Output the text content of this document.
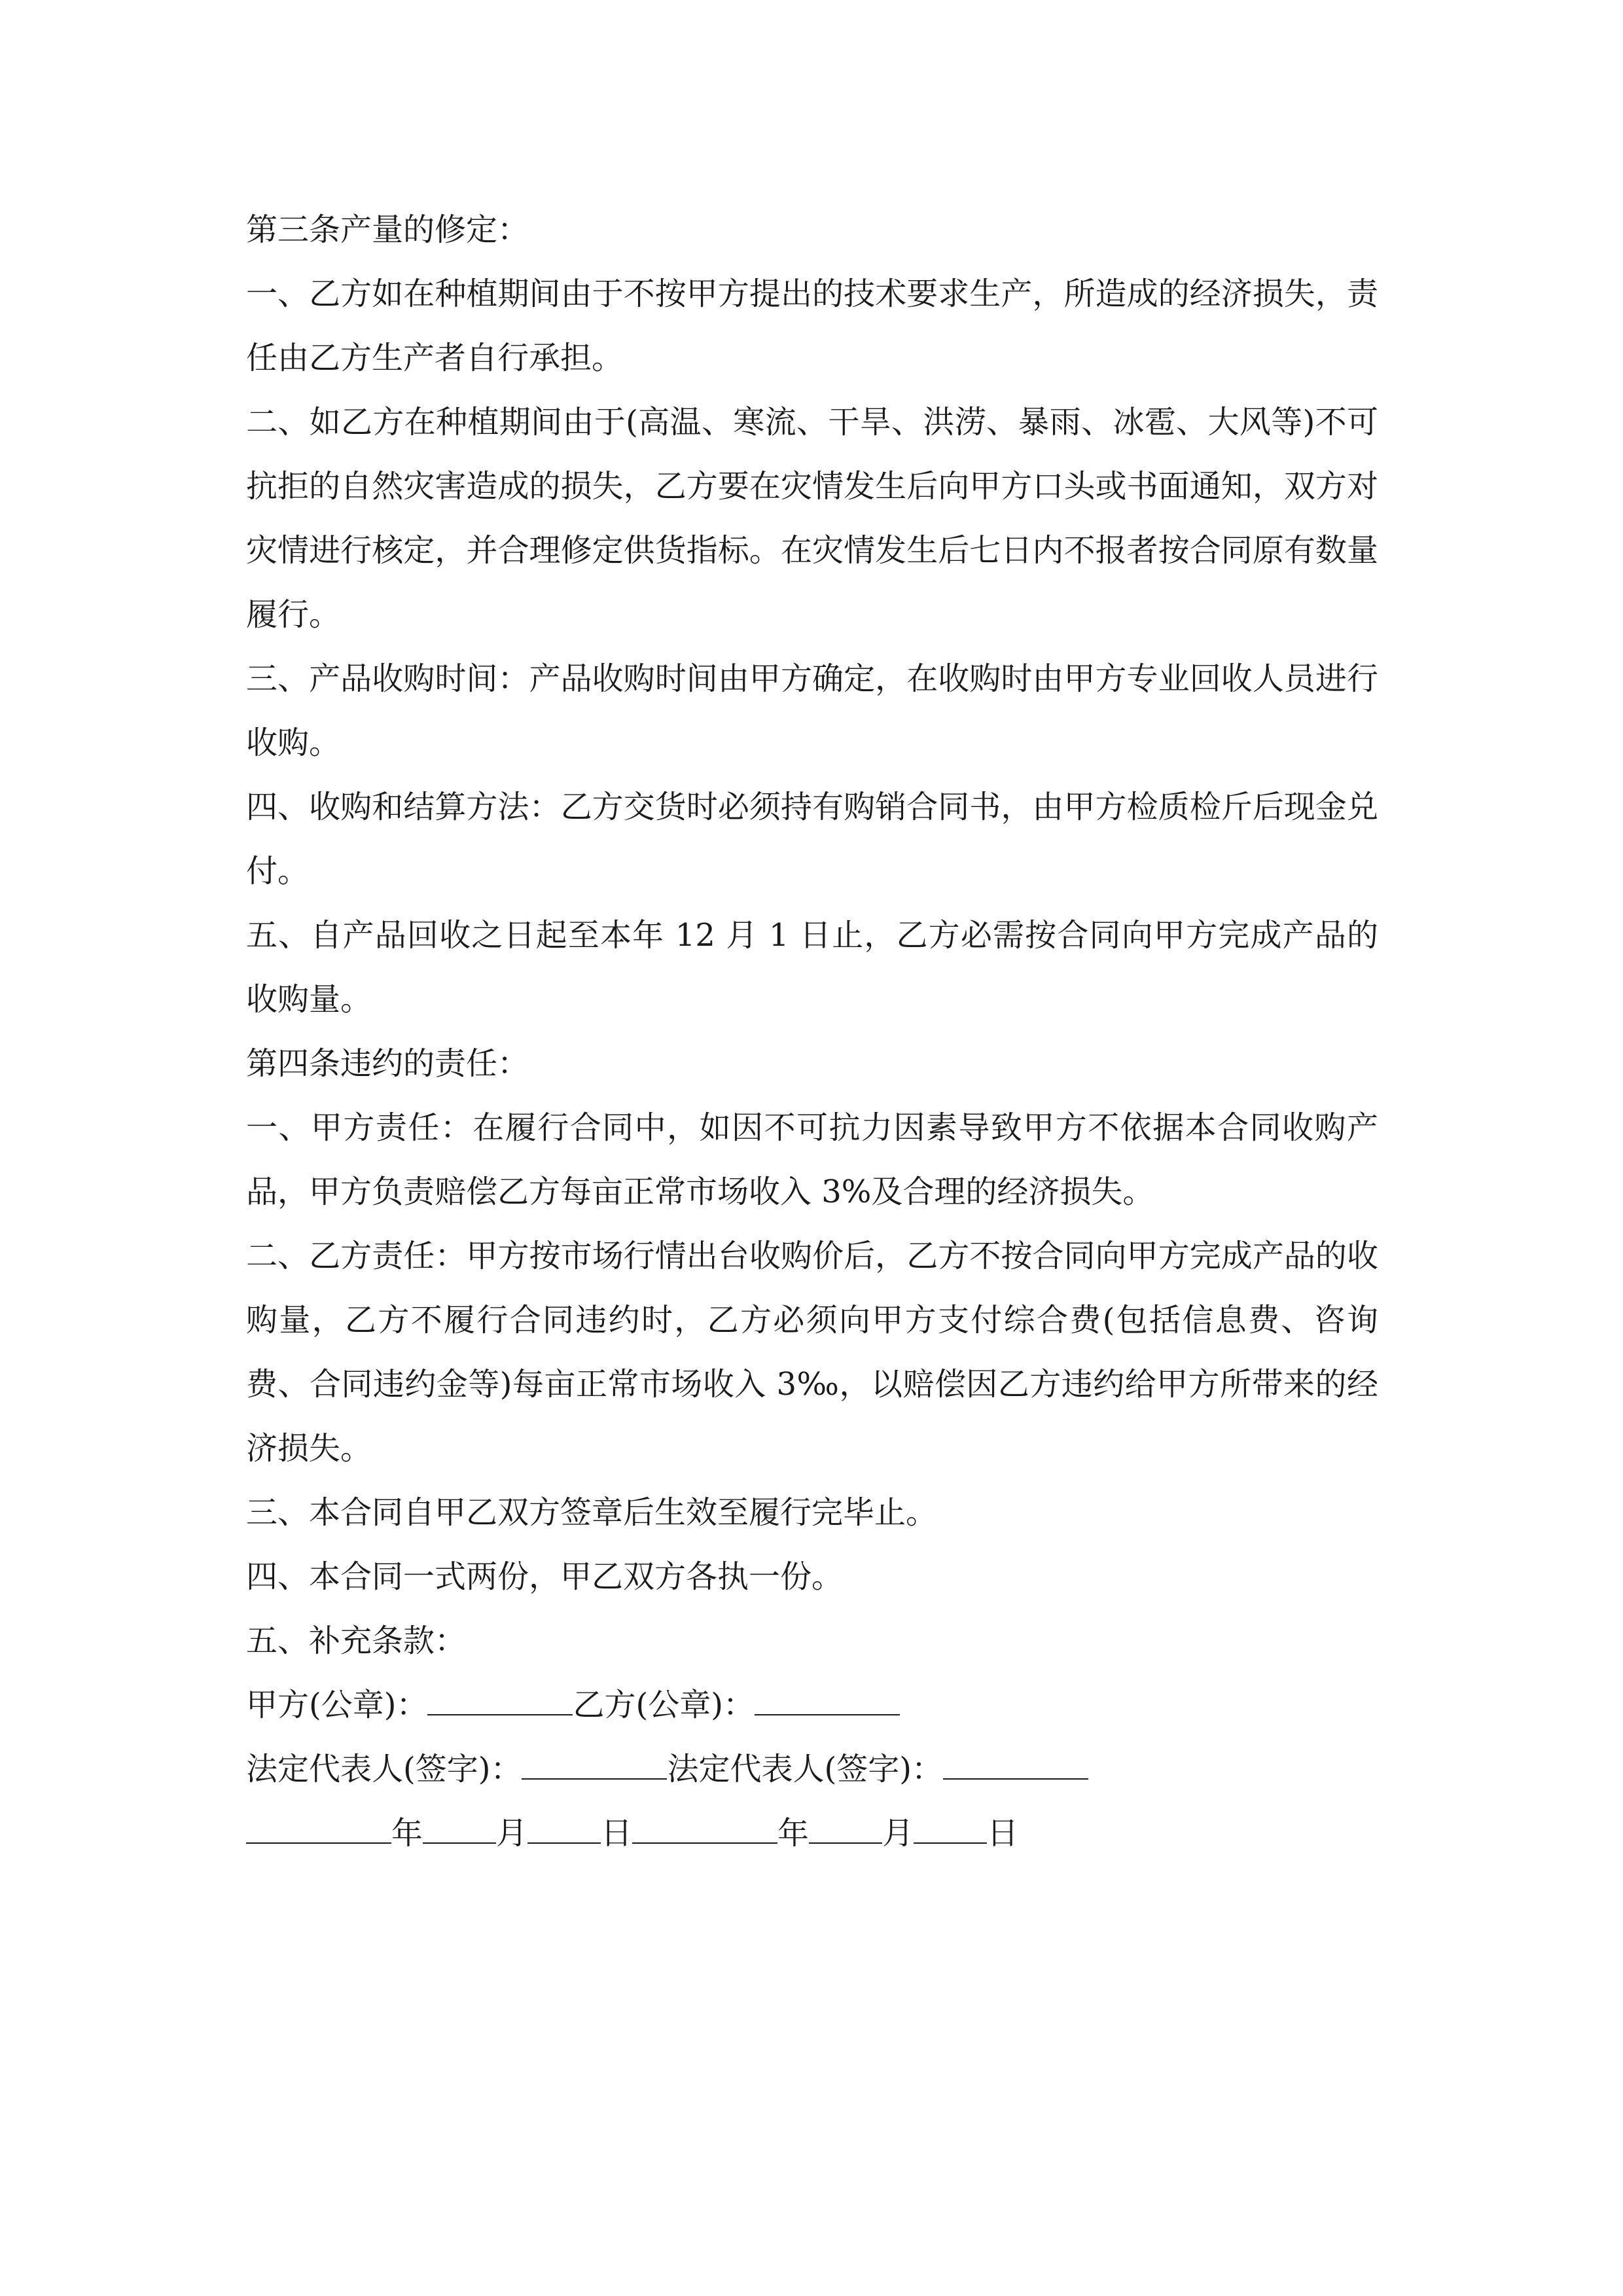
第三条产量的修定：

一、乙方如在种植期间由于不按甲方提出的技术要求生产，所造成的经济损失，责任由乙方生产者自行承担。

二、如乙方在种植期间由于(高温、寒流、干旱、洪涝、暴雨、冰雹、大风等)不可抗拒的自然灾害造成的损失，乙方要在灾情发生后向甲方口头或书面通知，双方对灾情进行核定，并合理修定供货指标。在灾情发生后七日内不报者按合同原有数量履行。

三、产品收购时间：产品收购时间由甲方确定，在收购时由甲方专业回收人员进行收购。

四、收购和结算方法：乙方交货时必须持有购销合同书，由甲方检质检斤后现金兑付。

五、自产品回收之日起至本年 12 月 1 日止，乙方必需按合同向甲方完成产品的收购量。

第四条违约的责任：

一、甲方责任：在履行合同中，如因不可抗力因素导致甲方不依据本合同收购产品，甲方负责赔偿乙方每亩正常市场收入 3%及合理的经济损失。

二、乙方责任：甲方按市场行情出台收购价后，乙方不按合同向甲方完成产品的收购量，乙方不履行合同违约时，乙方必须向甲方支付综合费(包括信息费、咨询费、合同违约金等)每亩正常市场收入 3‰，以赔偿因乙方违约给甲方所带来的经济损失。

三、本合同自甲乙双方签章后生效至履行完毕止。

四、本合同一式两份，甲乙双方各执一份。

五、补充条款：

甲方(公章)：	乙方(公章)：

法定代表人(签字)：	法定代表人(签字)：

年 月 日	年 月 日
